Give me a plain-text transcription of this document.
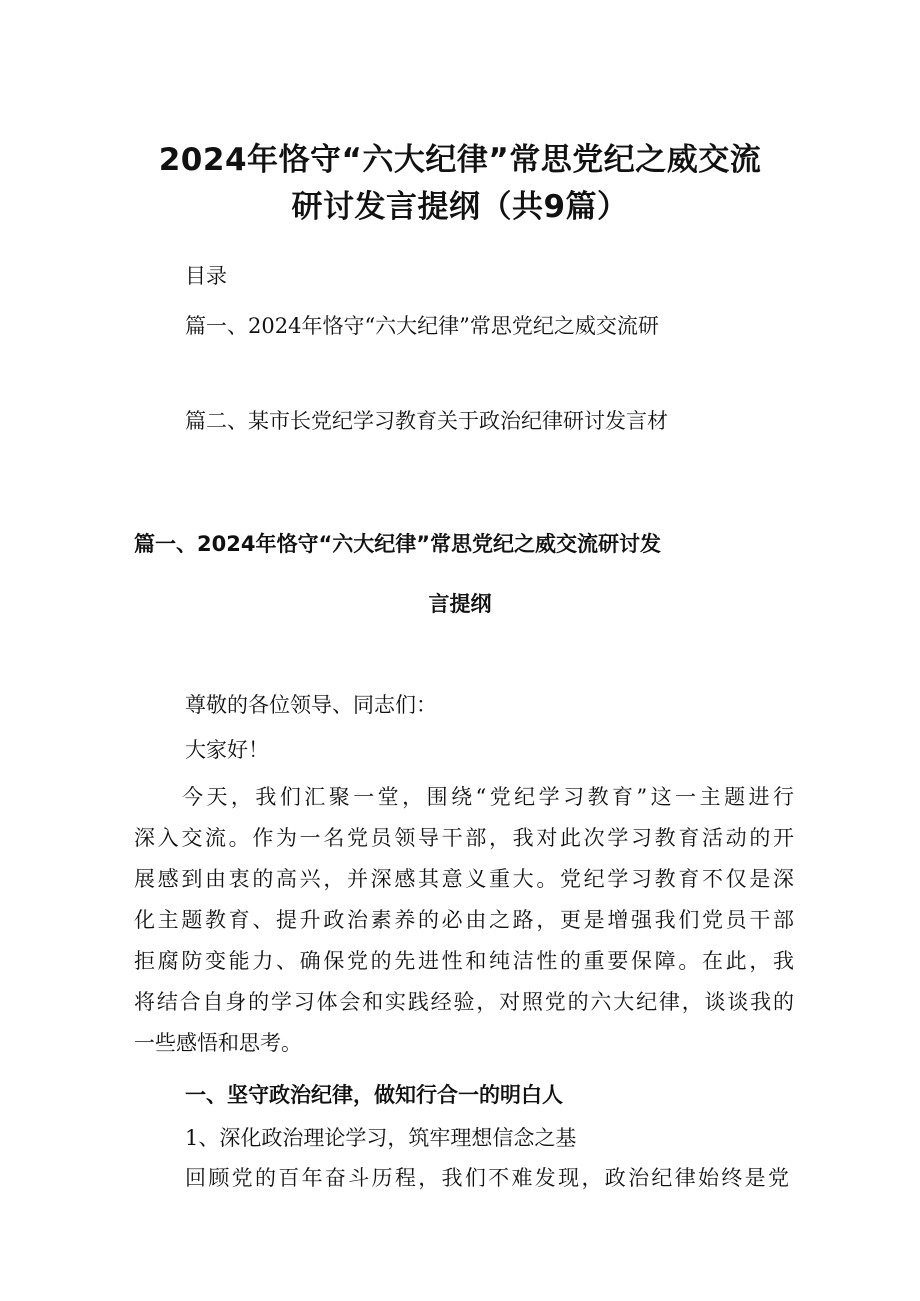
2024年恪守“六大纪律”常思党纪之威交流
研讨发言提纲（共9篇）
目录
篇一、2024年恪守“六大纪律”常思党纪之威交流研
篇二、某市长党纪学习教育关于政治纪律研讨发言材
篇一、2024年恪守“六大纪律”常思党纪之威交流研讨发
言提纲
尊敬的各位领导、同志们：
大家好！
今天，我们汇聚一堂，围绕“党纪学习教育”这一主题进行
深入交流。作为一名党员领导干部，我对此次学习教育活动的开
展感到由衷的高兴，并深感其意义重大。党纪学习教育不仅是深
化主题教育、提升政治素养的必由之路，更是增强我们党员干部
拒腐防变能力、确保党的先进性和纯洁性的重要保障。在此，我
将结合自身的学习体会和实践经验，对照党的六大纪律，谈谈我的
一些感悟和思考。
一、坚守政治纪律，做知行合一的明白人
1、深化政治理论学习，筑牢理想信念之基
回顾党的百年奋斗历程，我们不难发现，政治纪律始终是党
